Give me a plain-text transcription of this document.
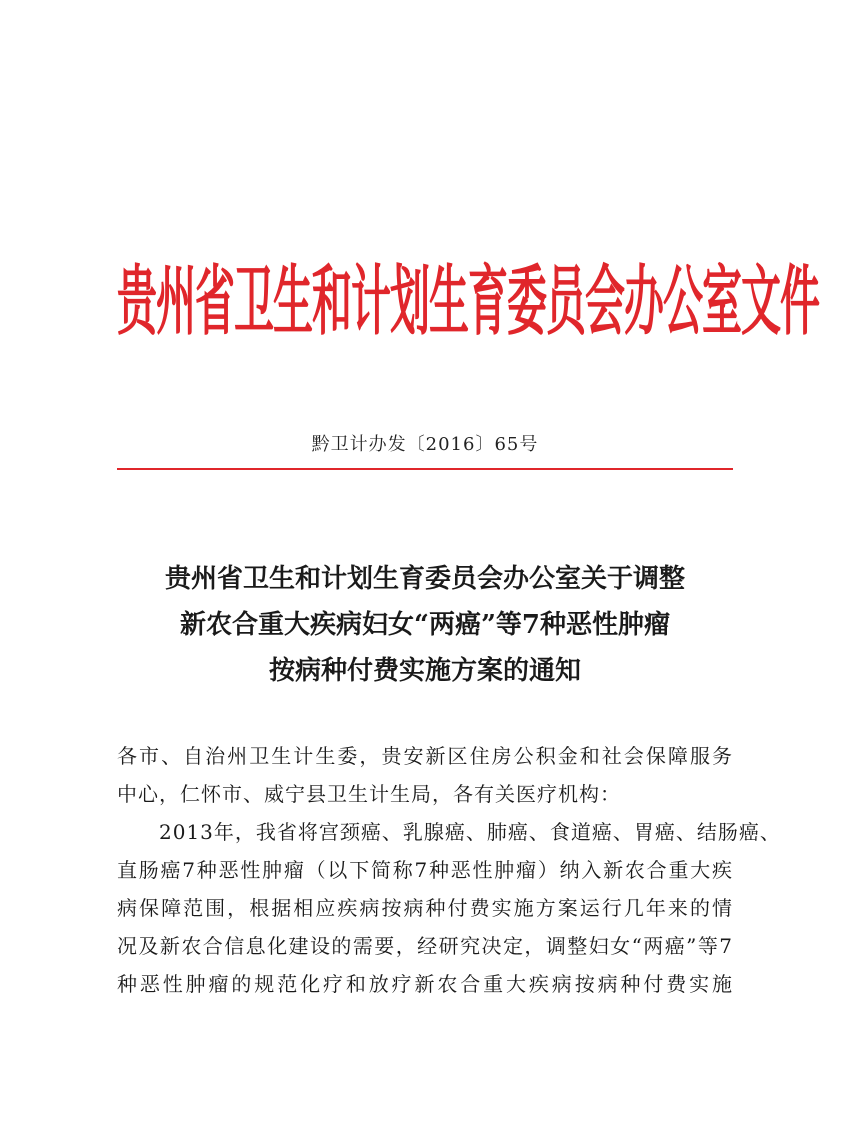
贵州省卫生和计划生育委员会办公室文件
黔卫计办发〔2016〕65号
贵州省卫生和计划生育委员会办公室关于调整
新农合重大疾病妇女“两癌”等7种恶性肿瘤
按病种付费实施方案的通知
各市、自治州卫生计生委，贵安新区住房公积金和社会保障服务
中心，仁怀市、威宁县卫生计生局，各有关医疗机构：
2013年，我省将宫颈癌、乳腺癌、肺癌、食道癌、胃癌、结肠癌、
直肠癌7种恶性肿瘤（以下简称7种恶性肿瘤）纳入新农合重大疾
病保障范围，根据相应疾病按病种付费实施方案运行几年来的情
况及新农合信息化建设的需要，经研究决定，调整妇女“两癌”等7
种恶性肿瘤的规范化疗和放疗新农合重大疾病按病种付费实施
